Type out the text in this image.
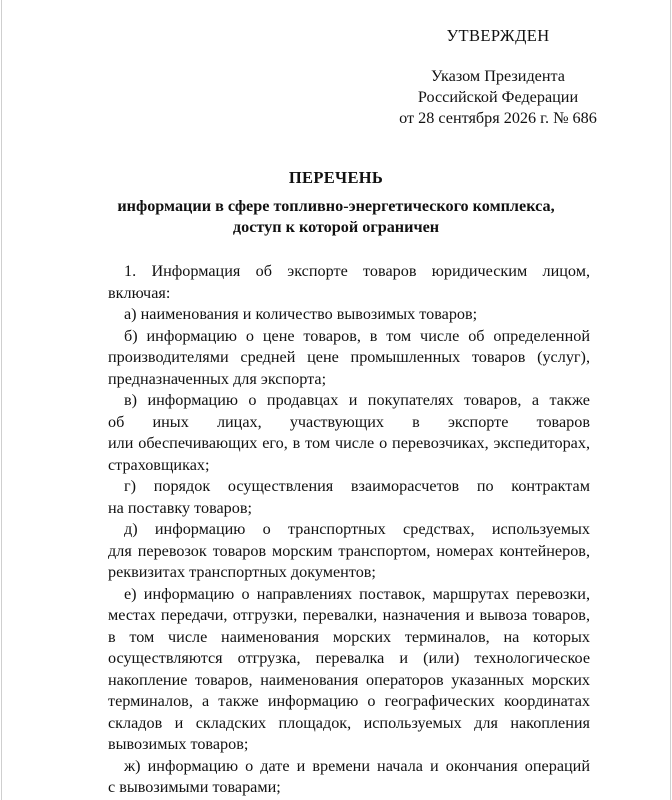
УТВЕРЖДЕН
Указом Президента
Российской Федерации
от 28 сентября 2026 г. № 686
ПЕРЕЧЕНЬ
информации в сфере топливно-энергетического комплекса,
доступ к которой ограничен
1. Информация об экспорте товаров юридическим лицом,
включая:
а) наименования и количество вывозимых товаров;
б) информацию о цене товаров, в том числе об определенной
производителями средней цене промышленных товаров (услуг),
предназначенных для экспорта;
в) информацию о продавцах и покупателях товаров, а также
об иных лицах, участвующих в экспорте товаров
или обеспечивающих его, в том числе о перевозчиках, экспедиторах,
страховщиках;
г) порядок осуществления взаиморасчетов по контрактам
на поставку товаров;
д) информацию о транспортных средствах, используемых
для перевозок товаров морским транспортом, номерах контейнеров,
реквизитах транспортных документов;
е) информацию о направлениях поставок, маршрутах перевозки,
местах передачи, отгрузки, перевалки, назначения и вывоза товаров,
в том числе наименования морских терминалов, на которых
осуществляются отгрузка, перевалка и (или) технологическое
накопление товаров, наименования операторов указанных морских
терминалов, а также информацию о географических координатах
складов и складских площадок, используемых для накопления
вывозимых товаров;
ж) информацию о дате и времени начала и окончания операций
с вывозимыми товарами;
